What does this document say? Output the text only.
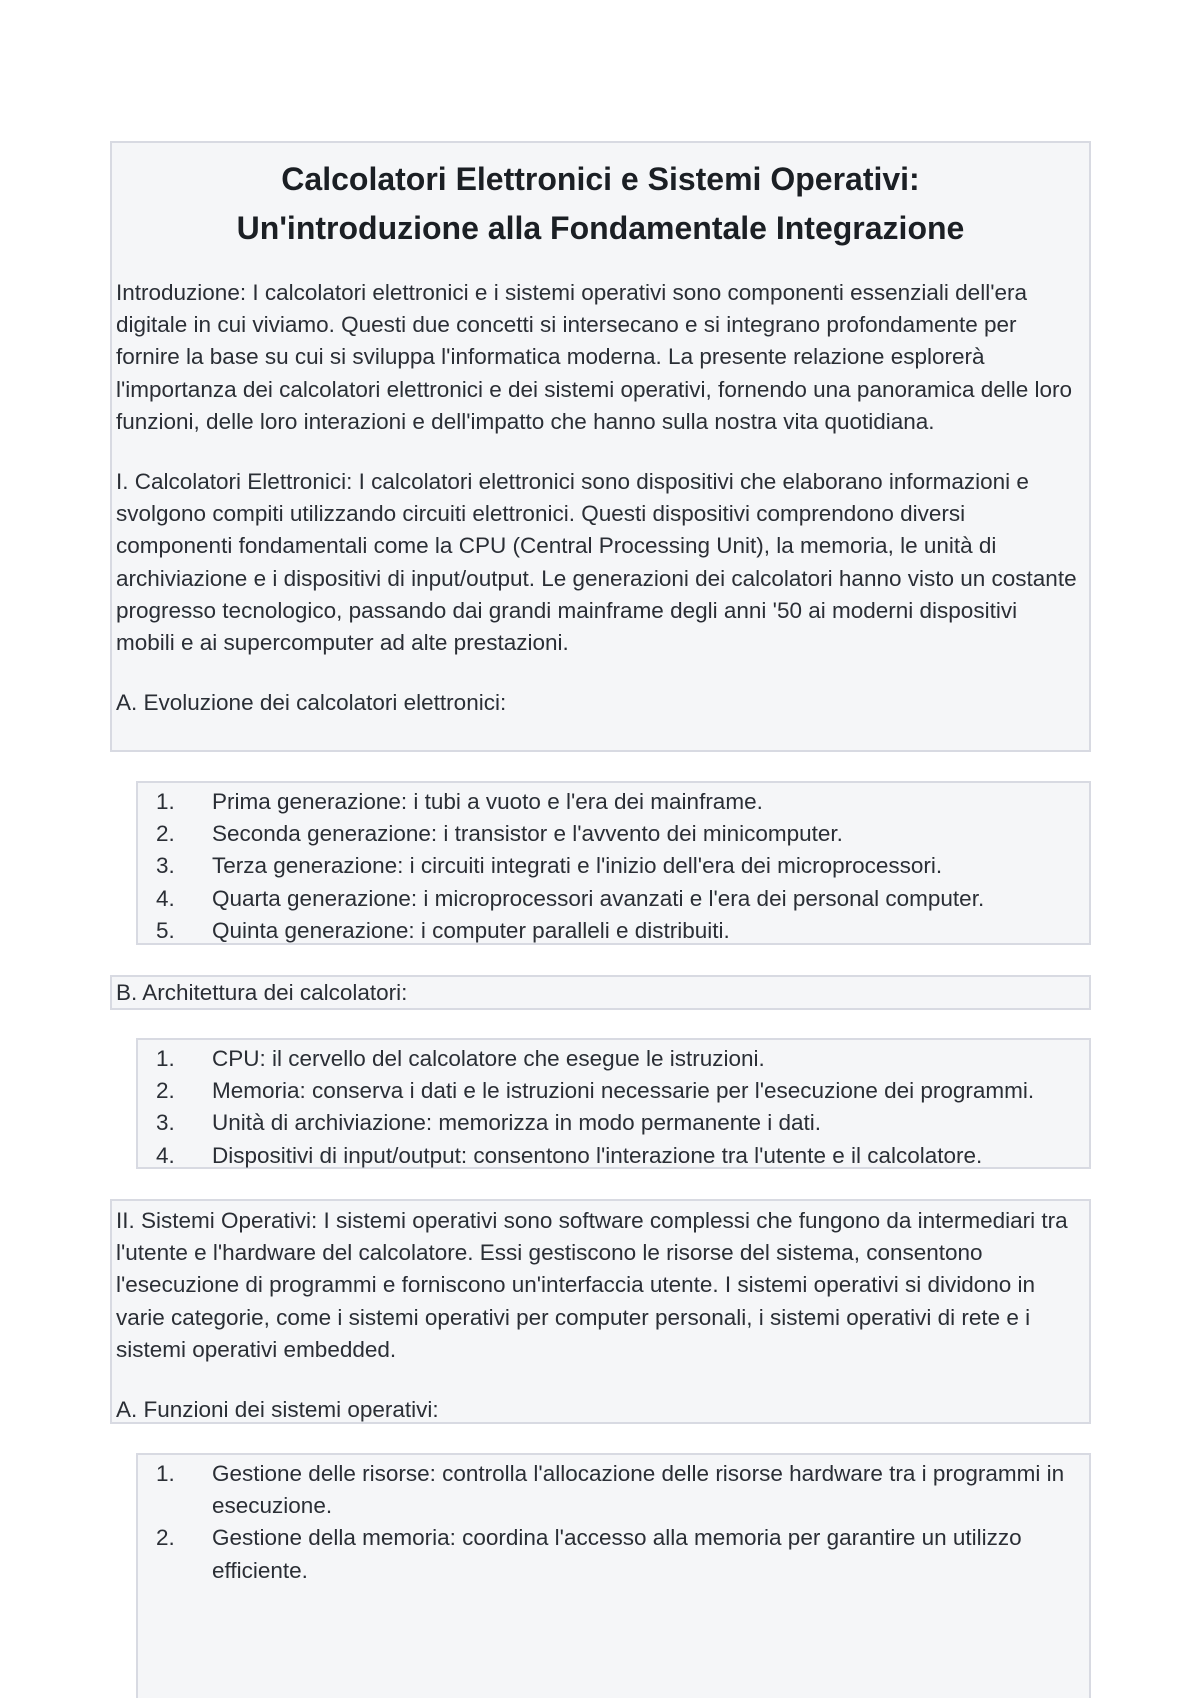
Calcolatori Elettronici e Sistemi Operativi:
Un'introduzione alla Fondamentale Integrazione

Introduzione: I calcolatori elettronici e i sistemi operativi sono componenti essenziali dell'era digitale in cui viviamo. Questi due concetti si intersecano e si integrano profondamente per fornire la base su cui si sviluppa l'informatica moderna. La presente relazione esplorerà l'importanza dei calcolatori elettronici e dei sistemi operativi, fornendo una panoramica delle loro funzioni, delle loro interazioni e dell'impatto che hanno sulla nostra vita quotidiana.

I. Calcolatori Elettronici: I calcolatori elettronici sono dispositivi che elaborano informazioni e svolgono compiti utilizzando circuiti elettronici. Questi dispositivi comprendono diversi componenti fondamentali come la CPU (Central Processing Unit), la memoria, le unità di archiviazione e i dispositivi di input/output. Le generazioni dei calcolatori hanno visto un costante progresso tecnologico, passando dai grandi mainframe degli anni '50 ai moderni dispositivi mobili e ai supercomputer ad alte prestazioni.

A. Evoluzione dei calcolatori elettronici:

1.	Prima generazione: i tubi a vuoto e l'era dei mainframe.
2.	Seconda generazione: i transistor e l'avvento dei minicomputer.
3.	Terza generazione: i circuiti integrati e l'inizio dell'era dei microprocessori.
4.	Quarta generazione: i microprocessori avanzati e l'era dei personal computer.
5.	Quinta generazione: i computer paralleli e distribuiti.

B. Architettura dei calcolatori:

1.	CPU: il cervello del calcolatore che esegue le istruzioni.
2.	Memoria: conserva i dati e le istruzioni necessarie per l'esecuzione dei programmi.
3.	Unità di archiviazione: memorizza in modo permanente i dati.
4.	Dispositivi di input/output: consentono l'interazione tra l'utente e il calcolatore.

II. Sistemi Operativi: I sistemi operativi sono software complessi che fungono da intermediari tra l'utente e l'hardware del calcolatore. Essi gestiscono le risorse del sistema, consentono l'esecuzione di programmi e forniscono un'interfaccia utente. I sistemi operativi si dividono in varie categorie, come i sistemi operativi per computer personali, i sistemi operativi di rete e i sistemi operativi embedded.

A. Funzioni dei sistemi operativi:

1.	Gestione delle risorse: controlla l'allocazione delle risorse hardware tra i programmi in esecuzione.
2.	Gestione della memoria: coordina l'accesso alla memoria per garantire un utilizzo efficiente.
